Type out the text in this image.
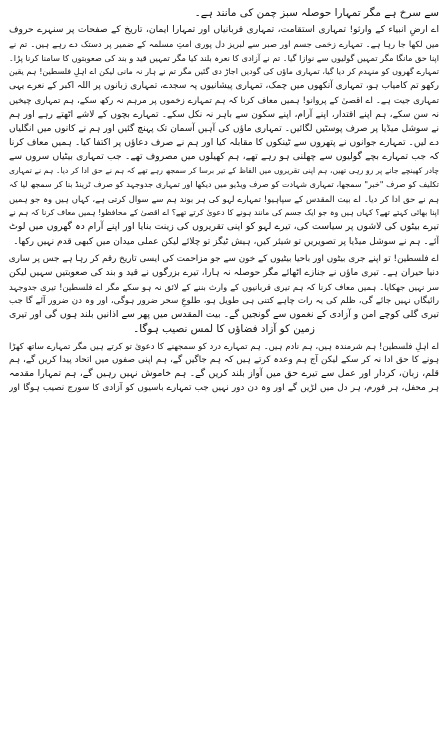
سے سرخ ہے مگر تمہارا حوصلہ سبز چمن کی مانند ہے۔
اے ارضِ انبیاء کے وارثو! تمہاری استقامت، تمہاری قربانیاں اور تمہارا ایمان، تاریخ کے صفحات پر سنہرے حروف
میں لکھا جا رہا ہے۔ تمہارے زخمی جسم اور صبر سے لبریز دل پوری امتِ مسلمہ کے ضمیر پر دستک دے رہے ہیں۔ تم نے
اپنا حق مانگا مگر تمہیں گولیوں سے نوازا گیا۔ تم نے آزادی کا نعرہ بلند کیا مگر تمہیں قید و بند کی صعوبتوں کا سامنا کرنا پڑا۔
تمہارے گھروں کو منہدم کر دیا گیا، تمہاری ماؤں کی گودیں اجاڑ دی گئیں مگر تم نے ہار نہ مانی لیکن اے اہلِ فلسطین! ہم یقین
رکھو تم کامیاب ہو، تمہاری آنکھوں میں چمک، تمہاری پیشانیوں پہ سجدے، تمہاری زبانوں پر اللہ اکبر کے نعرے یہی
تمہاری جیت ہے۔ اے اقصیٰ کے پروانو! ہمیں معاف کرنا کہ ہم تمہارے زخموں پر مرہم نہ رکھ سکے، ہم تمہاری چیخیں
نہ سن سکے، ہم اپنے اقتدار، اپنے آرام، اپنے سکون سے باہر نہ نکل سکے۔ تمہارے بچوں کے لاشے اٹھتے رہے اور ہم
نے سوشل میڈیا پر صرف پوسٹیں لگائیں۔ تمہاری ماؤں کی آہیں آسمان تک پہنچ گئیں اور ہم نے کانوں میں انگلیاں
دے لیں۔ تمہارے جوانوں نے پتھروں سے ٹینکوں کا مقابلہ کیا اور ہم نے صرف دعاؤں پر اکتفا کیا۔ ہمیں معاف کرنا
کہ جب تمہارے بچے گولیوں سے چھلنی ہو رہے تھے، ہم کھیلوں میں مصروف تھے۔ جب تمہاری بیٹیاں سروں سے
چادر کھینچے جانے پر رو رہی تھیں، ہم اپنی تقریروں میں الفاظ کے تیر برسا کر سمجھ رہے تھے کہ ہم نے حق ادا کر دیا۔ ہم نے تمہاری
تکلیف کو صرف "خبر" سمجھا، تمہاری شہادت کو صرف ویڈیو میں دیکھا اور تمہاری جدوجہد کو صرف ٹرینڈ بنا کر سمجھ لیا کہ
ہم نے حق ادا کر دیا۔ اے بیت المقدس کے سپاہیو! تمہارے لہو کی ہر بوند ہم سے سوال کرتی ہے، کہاں ہیں وہ جو ہمیں
اپنا بھائی کہتے تھے؟ کہاں ہیں وہ جو ایک جسم کی مانند ہونے کا دعویٰ کرتے تھے؟ اے اقصیٰ کے محافظو! ہمیں معاف کرنا کہ ہم نے
تیرے بیٹوں کی لاشوں پر سیاست کی، تیرے لہو کو اپنی تقریروں کی زینت بنایا اور اپنے آرام دہ گھروں میں لوٹ
آئے۔ ہم نے سوشل میڈیا پر تصویریں تو شیئر کیں، ہیش ٹیگز تو چلائے لیکن عملی میدان میں کبھی قدم نہیں رکھا۔
اے فلسطین! تو اپنے جری بیٹوں اور باحیا بیٹیوں کے خون سے جو مزاحمت کی ایسی تاریخ رقم کر رہا ہے جس پر ساری
دنیا حیران ہے۔ تیری ماؤں نے جنازے اٹھائے مگر حوصلہ نہ ہارا، تیرے بزرگوں نے قید و بند کی صعوبتیں سہیں لیکن
سر نہیں جھکایا۔ ہمیں معاف کرنا کہ ہم تیری قربانیوں کے وارث بننے کے لائق نہ ہو سکے مگر اے فلسطین! تیری جدوجہد
رائیگاں نہیں جائے گی، ظلم کی یہ رات چاہے کتنی ہی طویل ہو، طلوعِ سحر ضرور ہوگی، اور وہ دن ضرور آئے گا جب
تیری گلی کوچے امن و آزادی کے نغموں سے گونجیں گے۔ بیت المقدس میں پھر سے اذانیں بلند ہوں گی اور تیری
زمین کو آزاد فضاؤں کا لمس نصیب ہوگا۔
اے اہلِ فلسطین! ہم شرمندہ ہیں، ہم نادم ہیں۔ ہم تمہارے درد کو سمجھنے کا دعویٰ تو کرتے ہیں مگر تمہارے ساتھ کھڑا
ہونے کا حق ادا نہ کر سکے لیکن آج ہم وعدہ کرتے ہیں کہ ہم جاگیں گے، ہم اپنی صفوں میں اتحاد پیدا کریں گے، ہم
قلم، زبان، کردار اور عمل سے تیرے حق میں آواز بلند کریں گے۔ ہم خاموش نہیں رہیں گے، ہم تمہارا مقدمہ
ہر محفل، ہر فورم، ہر دل میں لڑیں گے اور وہ دن دور نہیں جب تمہارے باسیوں کو آزادی کا سورج نصیب ہوگا اور
